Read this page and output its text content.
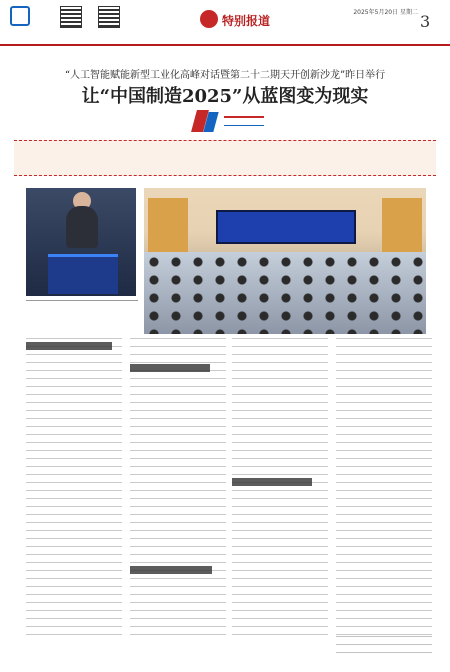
特别报道
2025年5月20日 星期二 3
“人工智能赋能新型工业化高峰对话暨第二十二期天开创新沙龙”昨日举行
让“中国制造2025”从蓝图变为现实
